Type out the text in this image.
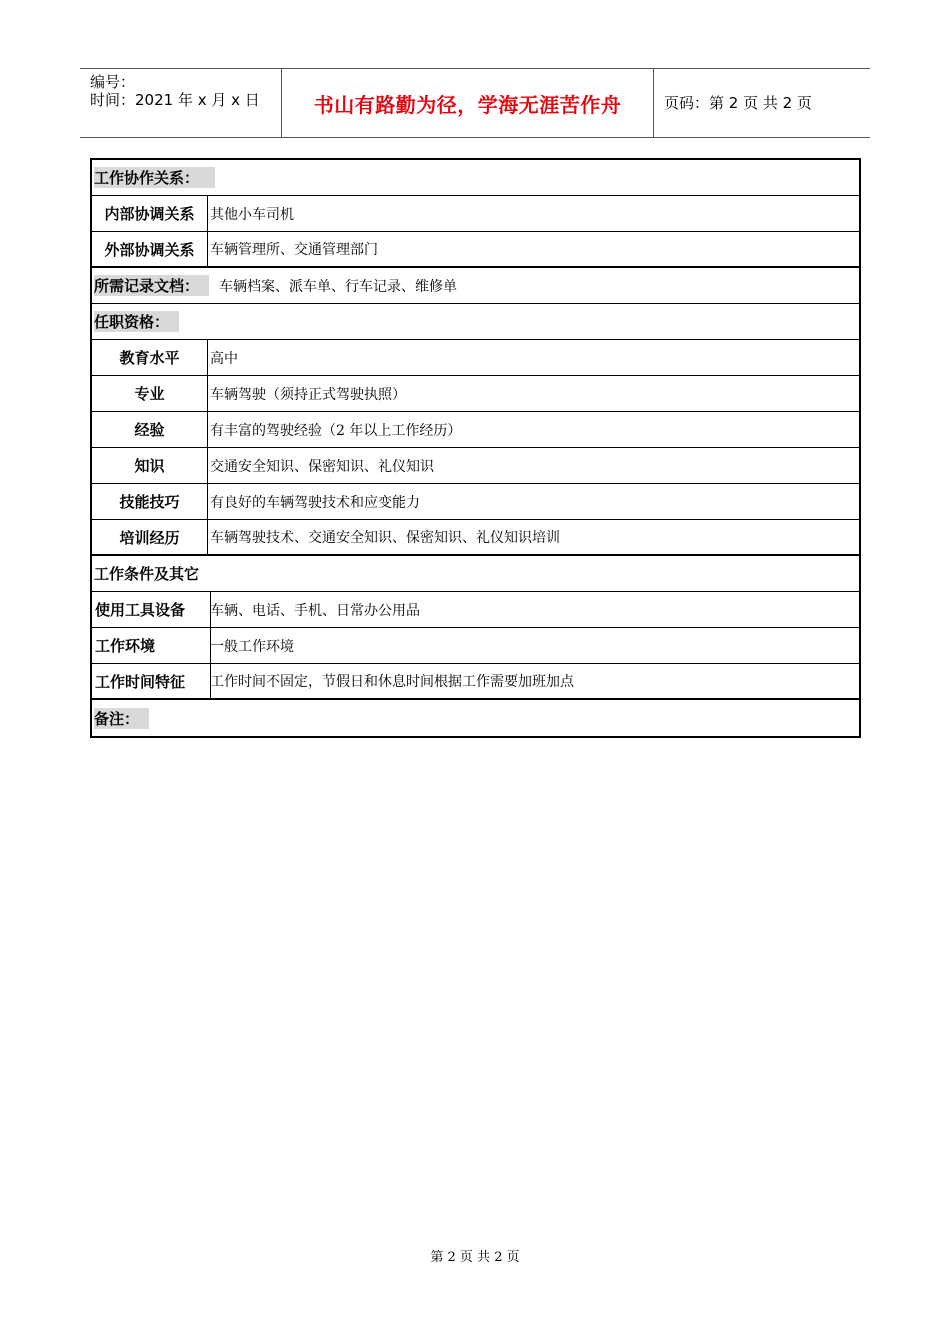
编号：
时间：2021 年 x 月 x 日	书山有路勤为径，学海无涯苦作舟	页码：第 2 页 共 2 页
工作协作关系：
内部协调关系	其他小车司机
外部协调关系	车辆管理所、交通管理部门
所需记录文档：	车辆档案、派车单、行车记录、维修单
任职资格：
教育水平	高中
专业	车辆驾驶（须持正式驾驶执照）
经验	有丰富的驾驶经验（2 年以上工作经历）
知识	交通安全知识、保密知识、礼仪知识
技能技巧	有良好的车辆驾驶技术和应变能力
培训经历	车辆驾驶技术、交通安全知识、保密知识、礼仪知识培训
工作条件及其它
使用工具设备	车辆、电话、手机、日常办公用品
工作环境	一般工作环境
工作时间特征	工作时间不固定，节假日和休息时间根据工作需要加班加点
备注：
第 2 页 共 2 页
